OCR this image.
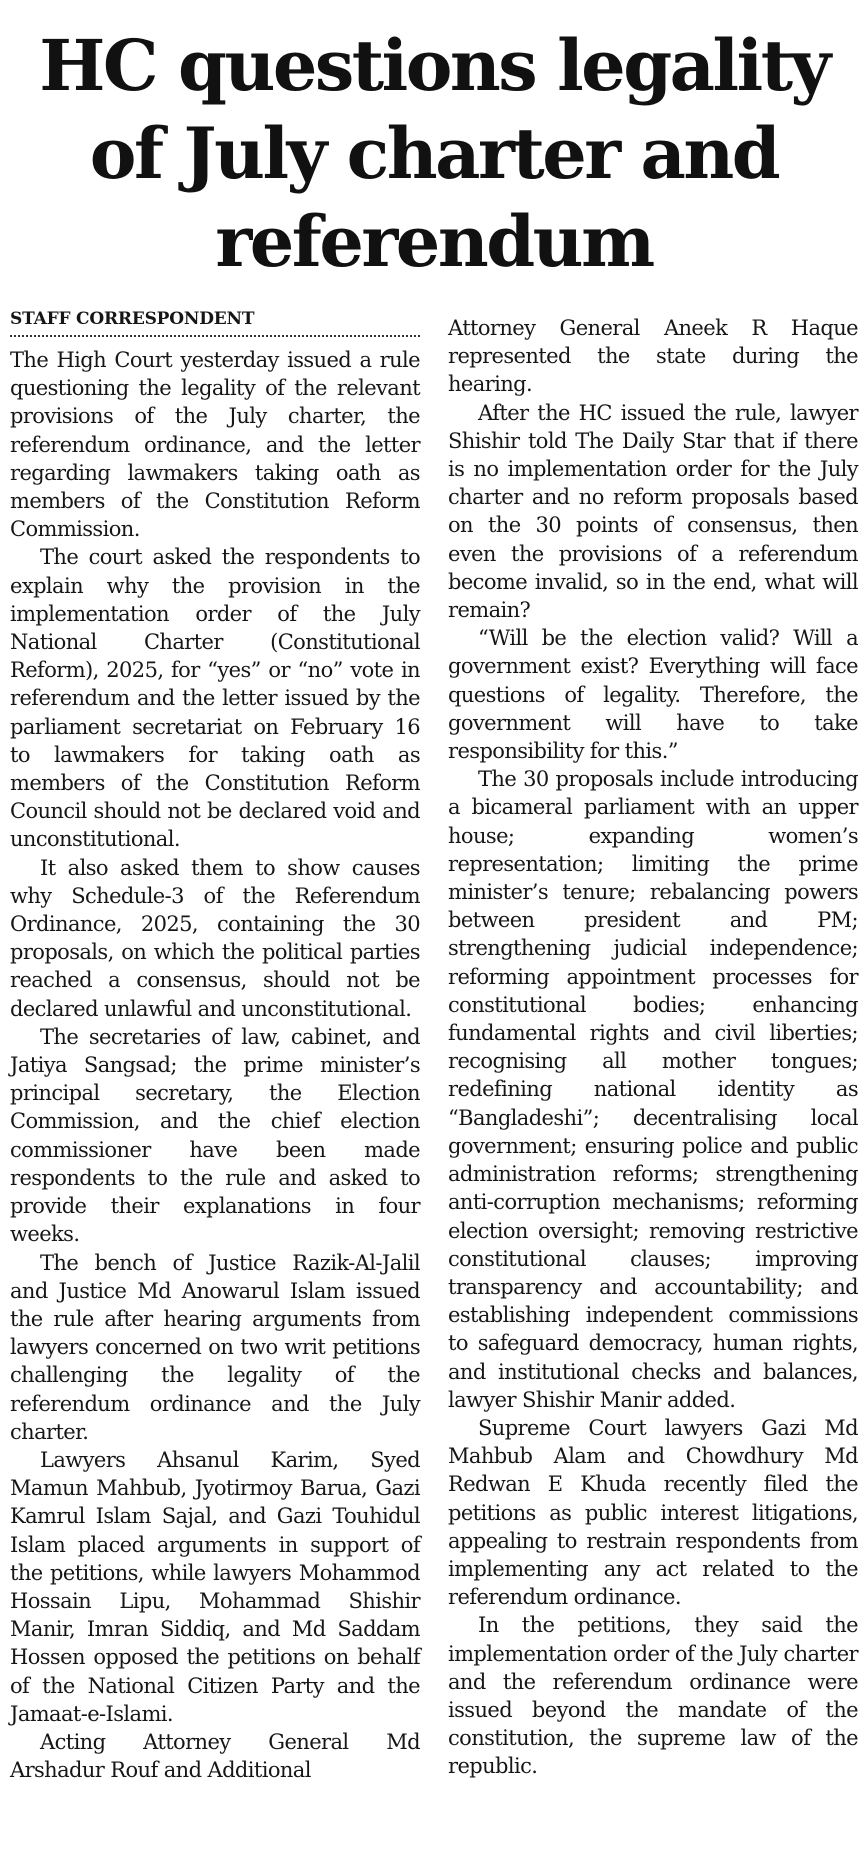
HC questions legality of July charter and referendum
STAFF CORRESPONDENT

The High Court yesterday issued a rule questioning the legality of the relevant provisions of the July charter, the referendum ordinance, and the letter regarding lawmakers taking oath as members of the Constitution Reform Commission.

The court asked the respondents to explain why the provision in the implementation order of the July National Charter (Constitutional Reform), 2025, for “yes” or “no” vote in referendum and the letter issued by the parliament secretariat on February 16 to lawmakers for taking oath as members of the Constitution Reform Council should not be declared void and unconstitutional.

It also asked them to show causes why Schedule-3 of the Referendum Ordinance, 2025, containing the 30 proposals, on which the political parties reached a consensus, should not be declared unlawful and unconstitutional.

The secretaries of law, cabinet, and Jatiya Sangsad; the prime minister’s principal secretary, the Election Commission, and the chief election commissioner have been made respondents to the rule and asked to provide their explanations in four weeks.

The bench of Justice Razik-Al-Jalil and Justice Md Anowarul Islam issued the rule after hearing arguments from lawyers concerned on two writ petitions challenging the legality of the referendum ordinance and the July charter.

Lawyers Ahsanul Karim, Syed Mamun Mahbub, Jyotirmoy Barua, Gazi Kamrul Islam Sajal, and Gazi Touhidul Islam placed arguments in support of the petitions, while lawyers Mohammod Hossain Lipu, Mohammad Shishir Manir, Imran Siddiq, and Md Saddam Hossen opposed the petitions on behalf of the National Citizen Party and the Jamaat-e-Islami.

Acting Attorney General Md Arshadur Rouf and Additional

Attorney General Aneek R Haque represented the state during the hearing.

After the HC issued the rule, lawyer Shishir told The Daily Star that if there is no implementation order for the July charter and no reform proposals based on the 30 points of consensus, then even the provisions of a referendum become invalid, so in the end, what will remain?

“Will be the election valid? Will a government exist? Everything will face questions of legality. Therefore, the government will have to take responsibility for this.”

The 30 proposals include introducing a bicameral parliament with an upper house; expanding women’s representation; limiting the prime minister’s tenure; rebalancing powers between president and PM; strengthening judicial independence; reforming appointment processes for constitutional bodies; enhancing fundamental rights and civil liberties; recognising all mother tongues; redefining national identity as “Bangladeshi”; decentralising local government; ensuring police and public administration reforms; strengthening anti-corruption mechanisms; reforming election oversight; removing restrictive constitutional clauses; improving transparency and accountability; and establishing independent commissions to safeguard democracy, human rights, and institutional checks and balances, lawyer Shishir Manir added.

Supreme Court lawyers Gazi Md Mahbub Alam and Chowdhury Md Redwan E Khuda recently filed the petitions as public interest litigations, appealing to restrain respondents from implementing any act related to the referendum ordinance.

In the petitions, they said the implementation order of the July charter and the referendum ordinance were issued beyond the mandate of the constitution, the supreme law of the republic.
